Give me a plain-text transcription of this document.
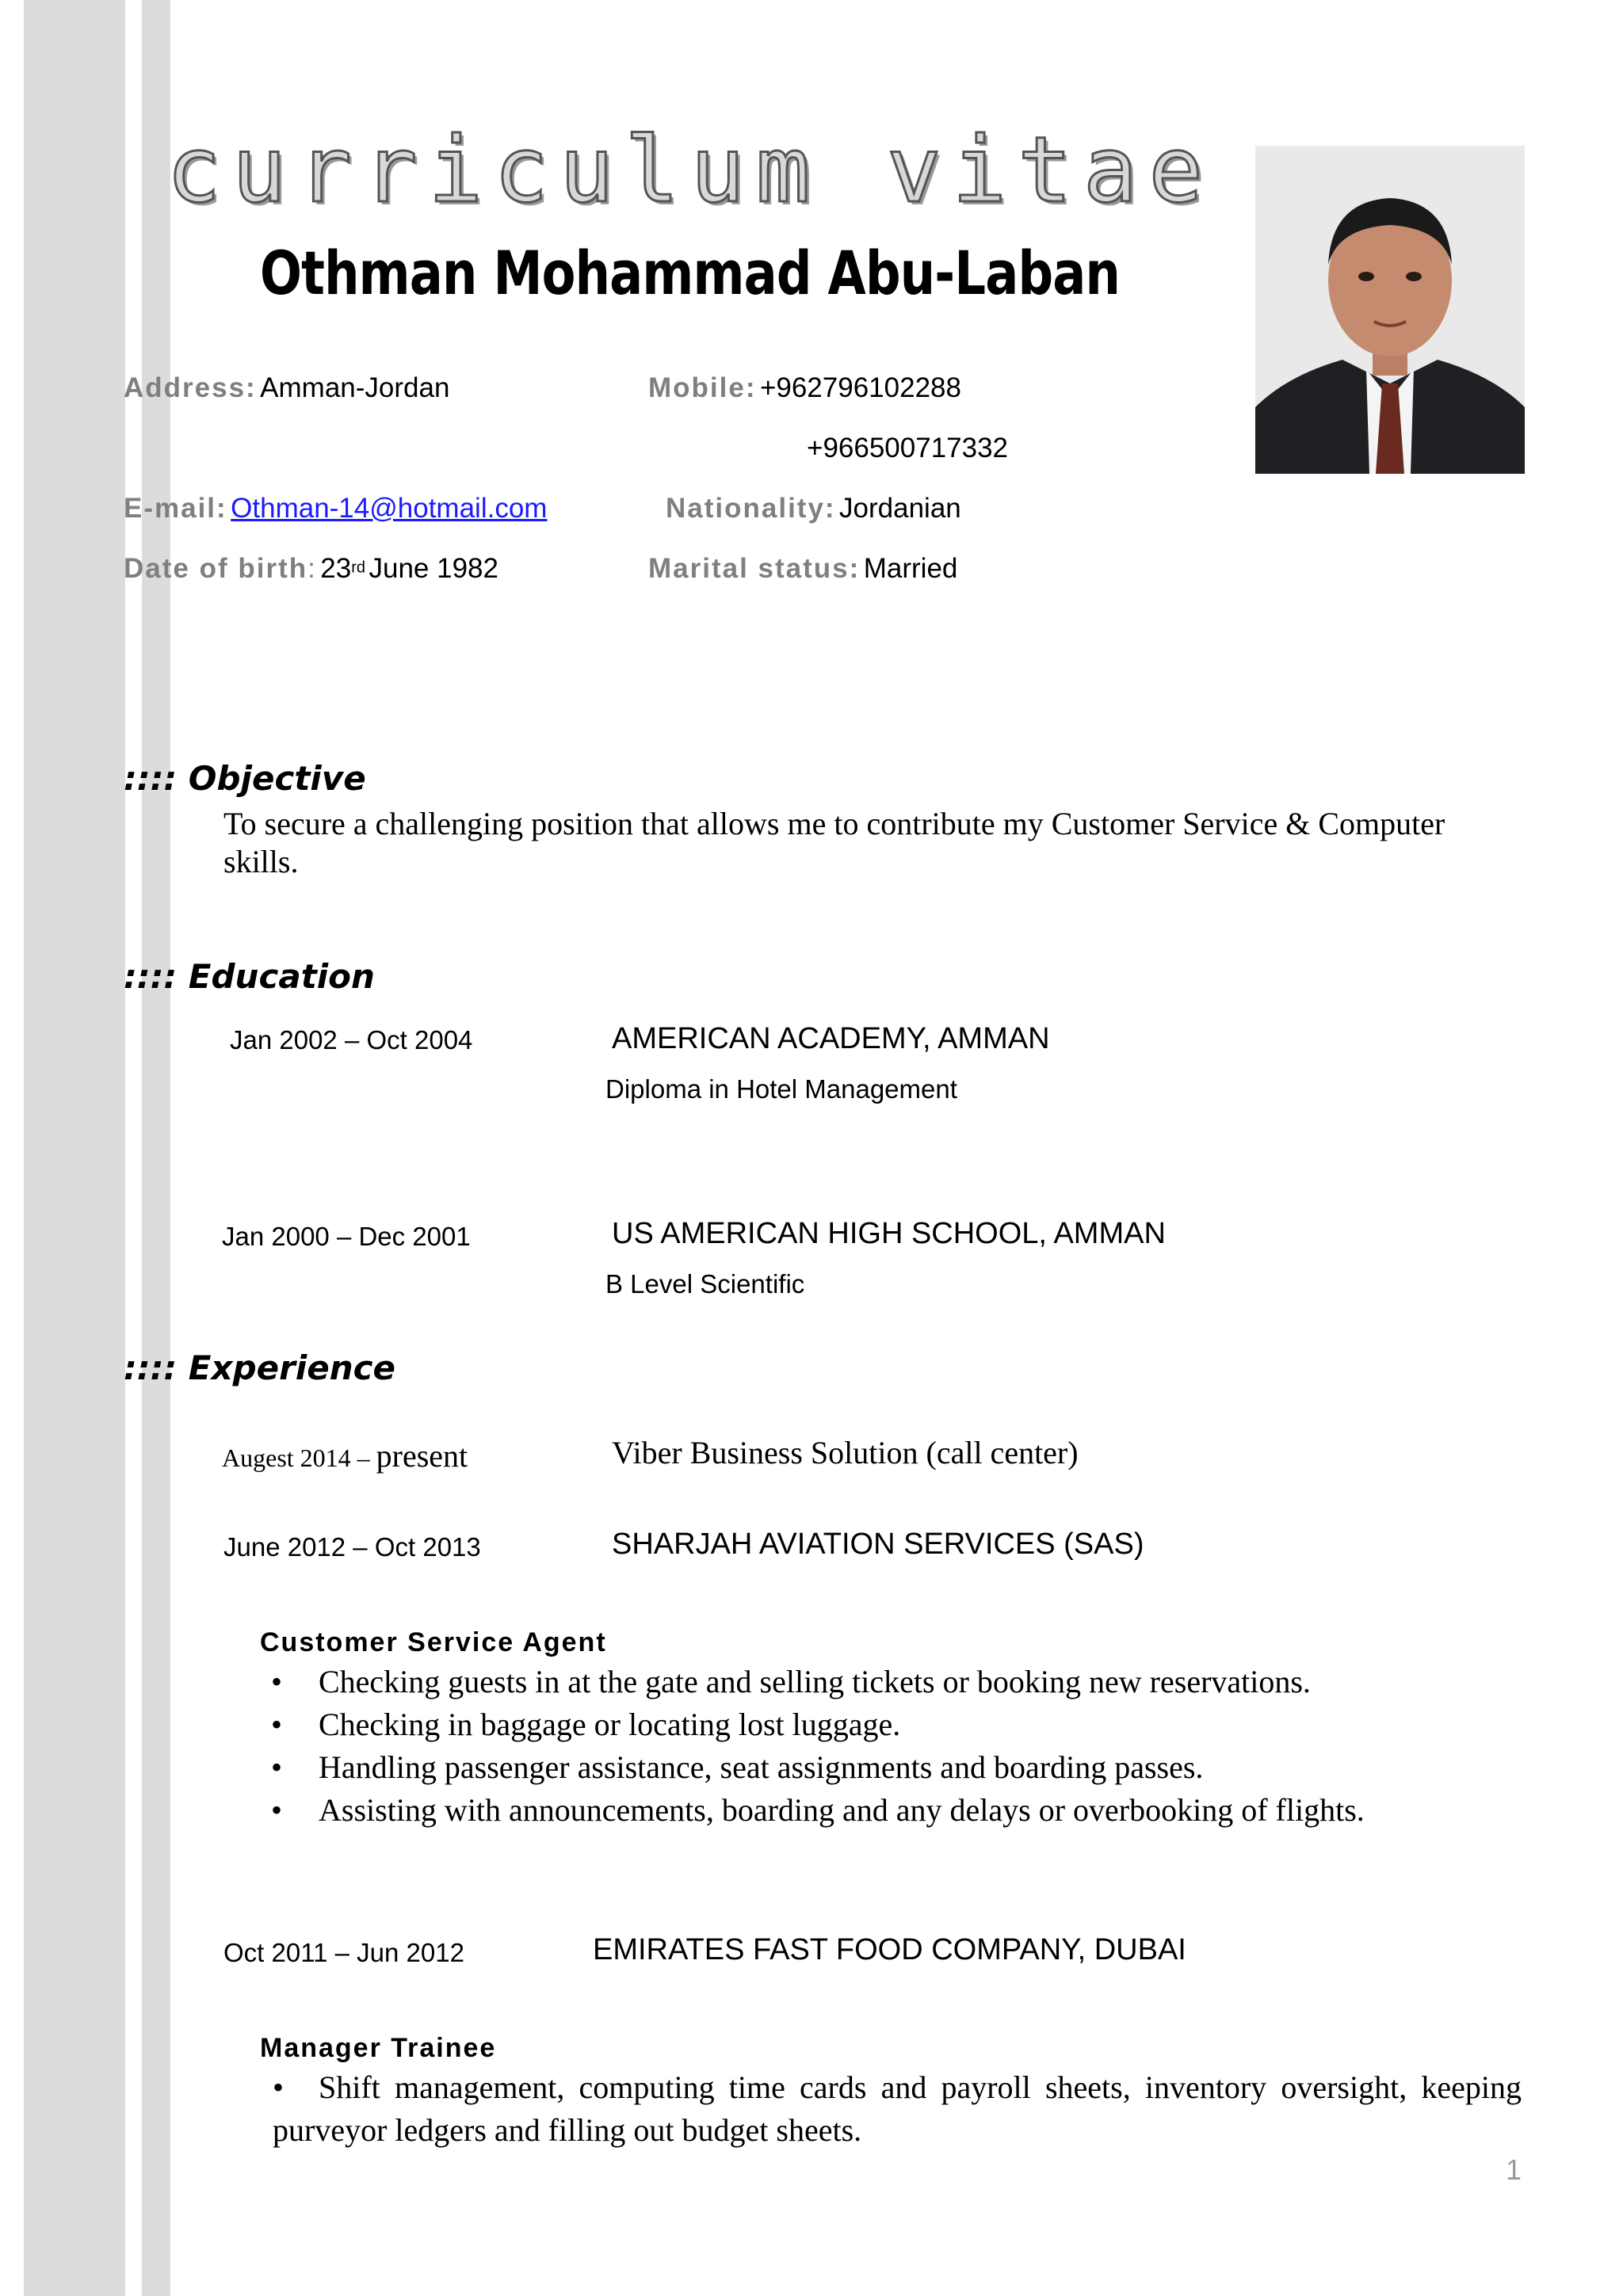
curriculum vitae
Othman Mohammad Abu-Laban
Address: Amman-Jordan	Mobile: +962796102288
+966500717332
E-mail: Othman-14@hotmail.com	Nationality: Jordanian
Date of birth: 23rd June 1982	Marital status: Married
:::: Objective
To secure a challenging position that allows me to contribute my Customer Service & Computer
skills.
:::: Education
Jan 2002 – Oct 2004	AMERICAN ACADEMY, AMMAN
Diploma in Hotel Management
Jan 2000 – Dec 2001	US AMERICAN HIGH SCHOOL, AMMAN
B Level Scientific
:::: Experience
Augest 2014 – present	Viber Business Solution (call center)
June 2012 – Oct 2013	SHARJAH AVIATION SERVICES (SAS)
Customer Service Agent
• Checking guests in at the gate and selling tickets or booking new reservations.
• Checking in baggage or locating lost luggage.
• Handling passenger assistance, seat assignments and boarding passes.
• Assisting with announcements, boarding and any delays or overbooking of flights.
Oct 2011 – Jun 2012	EMIRATES FAST FOOD COMPANY, DUBAI
Manager Trainee
• Shift management, computing time cards and payroll sheets, inventory oversight, keeping purveyor ledgers and filling out budget sheets.
1
